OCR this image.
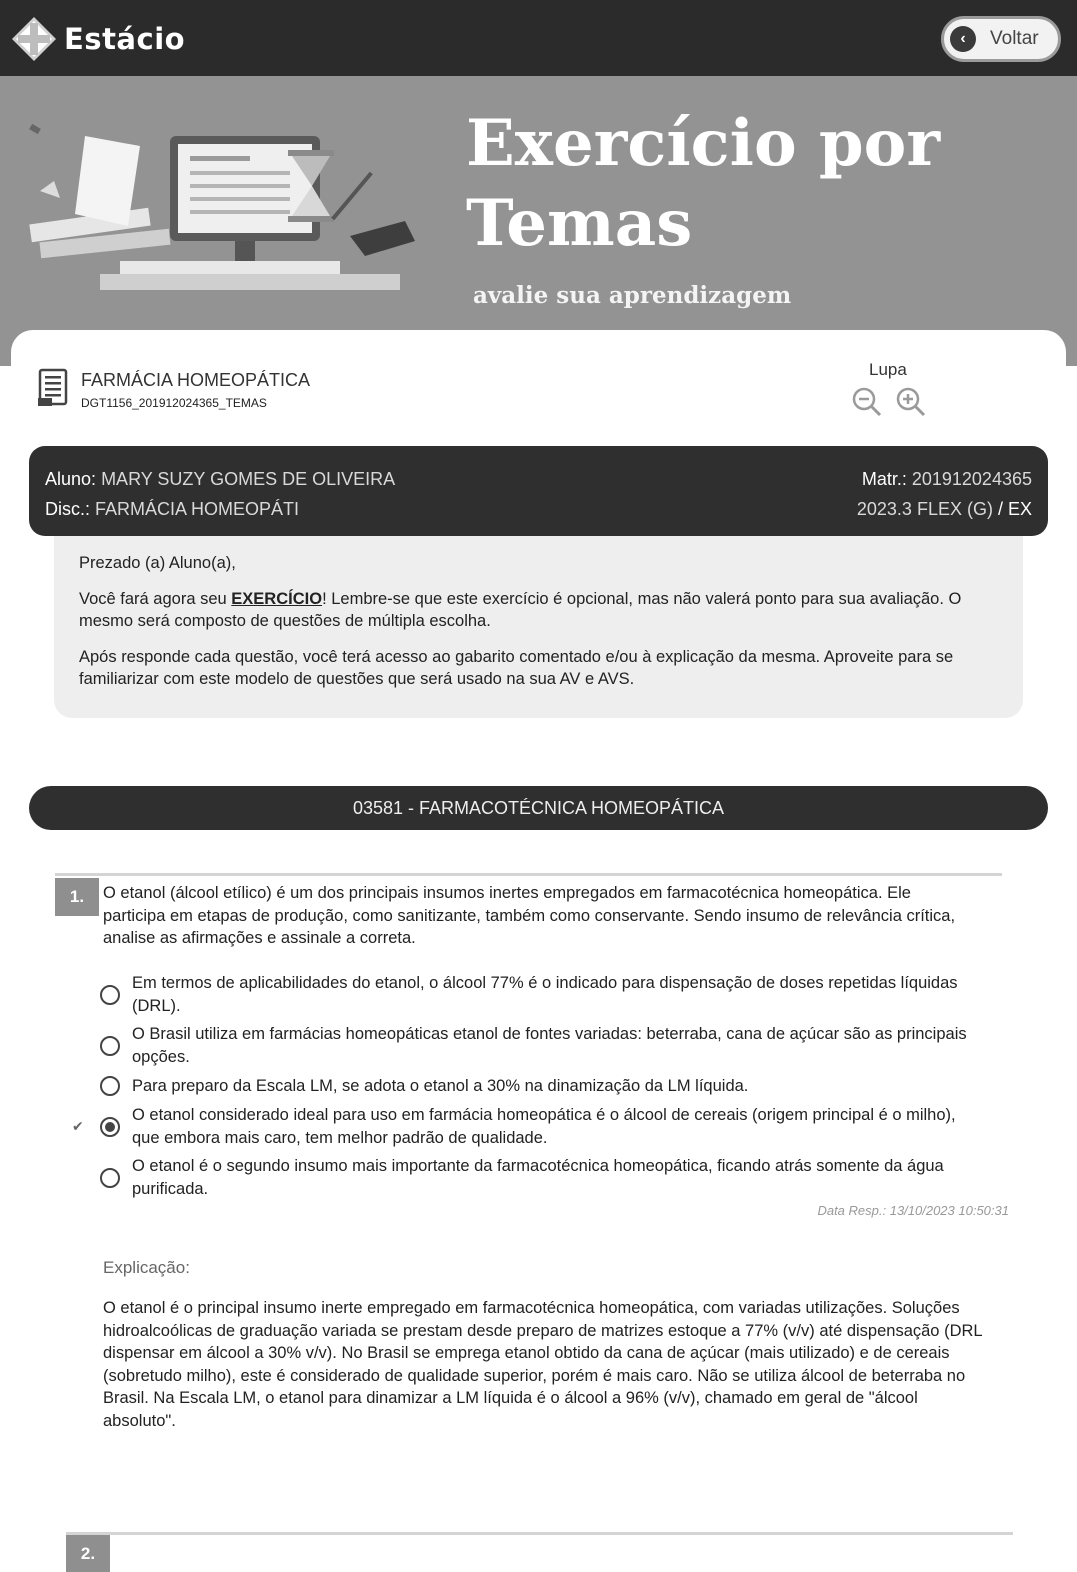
Estácio	‹	Voltar
Exercício por
Temas
avalie sua aprendizagem
FARMÁCIA HOMEOPÁTICA
DGT1156_201912024365_TEMAS
Lupa
Aluno: MARY SUZY GOMES DE OLIVEIRA
Disc.: FARMÁCIA HOMEOPÁTI
Matr.: 201912024365
2023.3 FLEX (G) / EX

Prezado (a) Aluno(a),

Você fará agora seu EXERCÍCIO! Lembre-se que este exercício é opcional, mas não valerá ponto para sua avaliação. O mesmo será composto de questões de múltipla escolha.

Após responde cada questão, você terá acesso ao gabarito comentado e/ou à explicação da mesma. Aproveite para se familiarizar com este modelo de questões que será usado na sua AV e AVS.

03581 - FARMACOTÉCNICA HOMEOPÁTICA
1.	O etanol (álcool etílico) é um dos principais insumos inertes empregados em farmacotécnica homeopática. Ele participa em etapas de produção, como sanitizante, também como conservante. Sendo insumo de relevância crítica, analise as afirmações e assinale a correta.
Em termos de aplicabilidades do etanol, o álcool 77% é o indicado para dispensação de doses repetidas líquidas (DRL).
O Brasil utiliza em farmácias homeopáticas etanol de fontes variadas: beterraba, cana de açúcar são as principais opções.
Para preparo da Escala LM, se adota o etanol a 30% na dinamização da LM líquida.
✔
O etanol considerado ideal para uso em farmácia homeopática é o álcool de cereais (origem principal é o milho), que embora mais caro, tem melhor padrão de qualidade.
O etanol é o segundo insumo mais importante da farmacotécnica homeopática, ficando atrás somente da água purificada.
Data Resp.: 13/10/2023 10:50:31
Explicação:
O etanol é o principal insumo inerte empregado em farmacotécnica homeopática, com variadas utilizações. Soluções hidroalcoólicas de graduação variada se prestam desde preparo de matrizes estoque a 77% (v/v) até dispensação (DRL dispensar em álcool a 30% v/v). No Brasil se emprega etanol obtido da cana de açúcar (mais utilizado) e de cereais (sobretudo milho), este é considerado de qualidade superior, porém é mais caro. Não se utiliza álcool de beterraba no Brasil. Na Escala LM, o etanol para dinamizar a LM líquida é o álcool a 96% (v/v), chamado em geral de "álcool absoluto".
2.
